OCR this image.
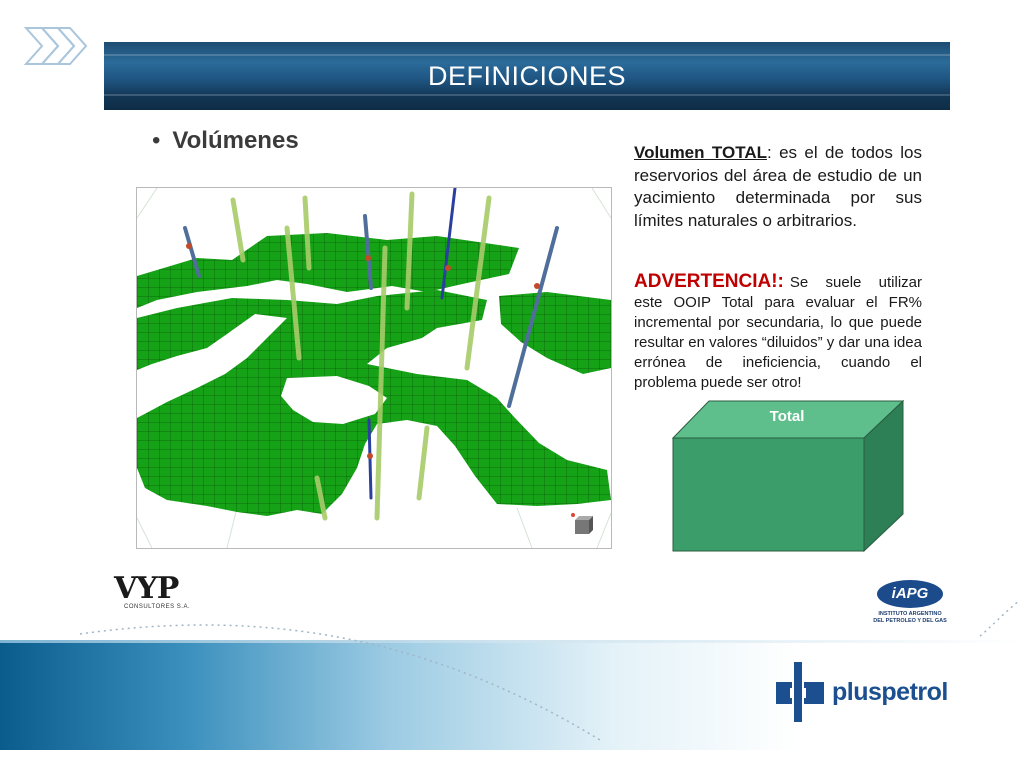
DEFINICIONES
• Volúmenes	Volumen TOTAL: es el de todos los reservorios del área de estudio de un yacimiento determinada por sus límites naturales o arbitrarios.
ADVERTENCIA!: Se suele utilizar este OOIP Total para evaluar el FR% incremental por secundaria, lo que puede resultar en valores “diluidos” y dar una idea errónea de ineficiencia, cuando el problema puede ser otro!
Total
VYP
CONSULTORES S.A.
iAPG
INSTITUTO ARGENTINO
DEL PETROLEO Y DEL GAS
pluspetrol
